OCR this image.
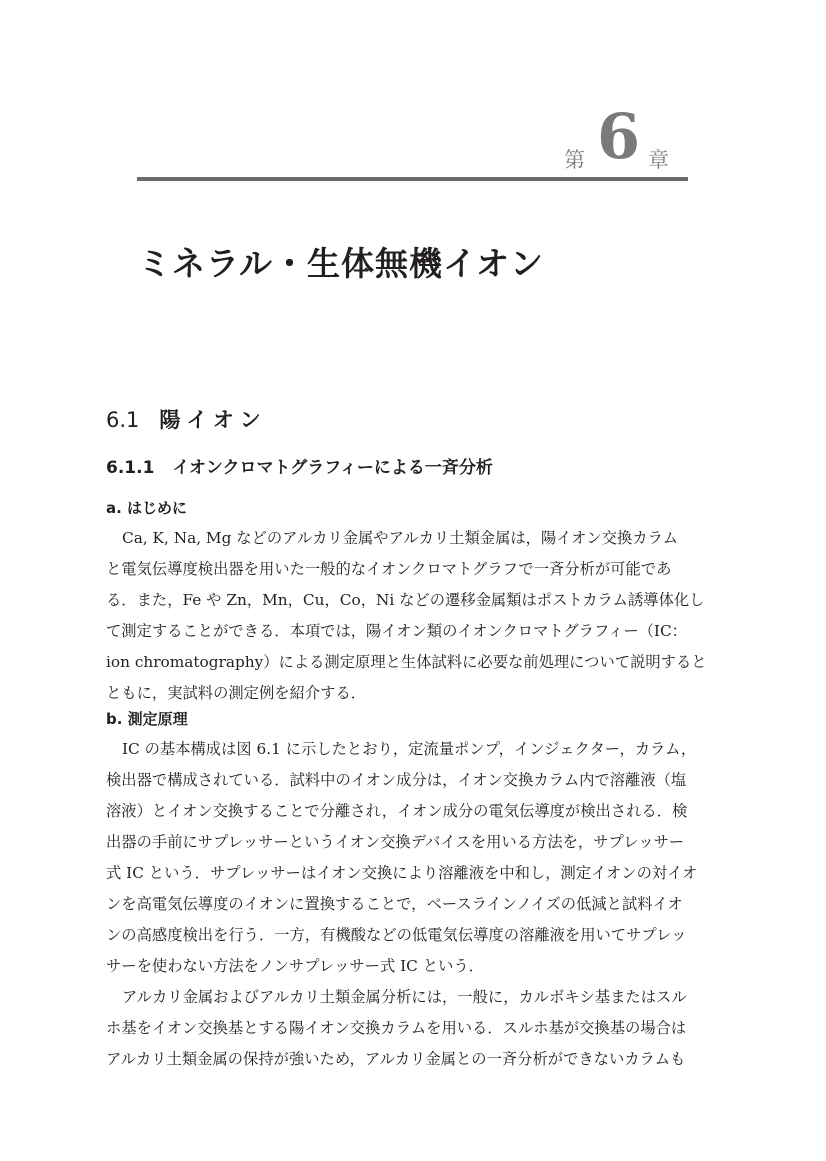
第 6 章
ミネラル・生体無機イオン
6.1 陽イオン
6.1.1 イオンクロマトグラフィーによる一斉分析
a. はじめに

Ca, K, Na, Mg などのアルカリ金属やアルカリ土類金属は，陽イオン交換カラム

と電気伝導度検出器を用いた一般的なイオンクロマトグラフで一斉分析が可能であ

る．また，Fe や Zn，Mn，Cu，Co，Ni などの遷移金属類はポストカラム誘導体化し

て測定することができる．本項では，陽イオン類のイオンクロマトグラフィー（IC：

ion chromatography）による測定原理と生体試料に必要な前処理について説明すると

ともに，実試料の測定例を紹介する．

b. 測定原理

IC の基本構成は図 6.1 に示したとおり，定流量ポンプ，インジェクター，カラム，

検出器で構成されている．試料中のイオン成分は，イオン交換カラム内で溶離液（塩

溶液）とイオン交換することで分離され，イオン成分の電気伝導度が検出される．検

出器の手前にサプレッサーというイオン交換デバイスを用いる方法を，サプレッサー

式 IC という．サプレッサーはイオン交換により溶離液を中和し，測定イオンの対イオ

ンを高電気伝導度のイオンに置換することで，ベースラインノイズの低減と試料イオ

ンの高感度検出を行う．一方，有機酸などの低電気伝導度の溶離液を用いてサプレッ

サーを使わない方法をノンサプレッサー式 IC という．

アルカリ金属およびアルカリ土類金属分析には，一般に，カルボキシ基またはスル

ホ基をイオン交換基とする陽イオン交換カラムを用いる．スルホ基が交換基の場合は

アルカリ土類金属の保持が強いため，アルカリ金属との一斉分析ができないカラムも
